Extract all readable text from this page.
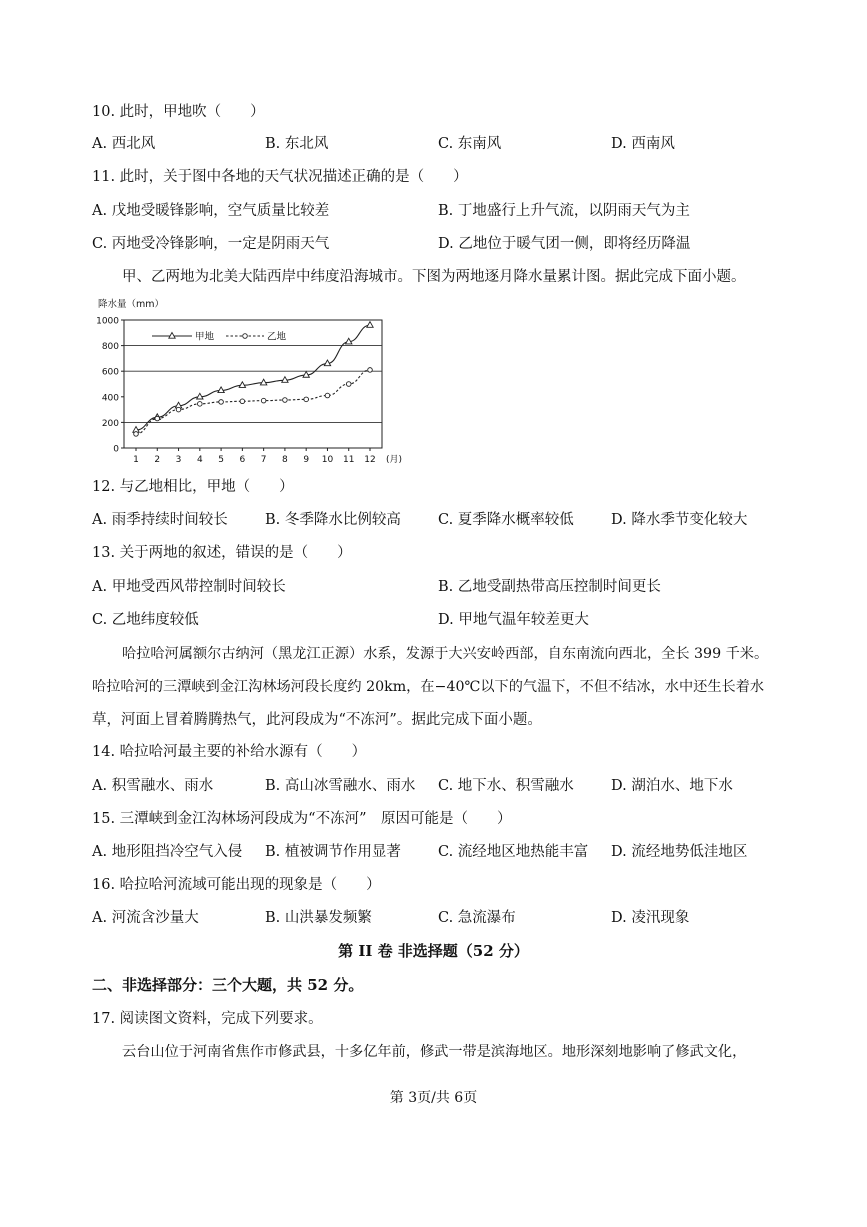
10. 此时，甲地吹（　　）
A. 西北风	B. 东北风	C. 东南风	D. 西南风
11. 此时，关于图中各地的天气状况描述正确的是（　　）
A. 戊地受暖锋影响，空气质量比较差	B. 丁地盛行上升气流，以阴雨天气为主
C. 丙地受冷锋影响，一定是阴雨天气	D. 乙地位于暖气团一侧，即将经历降温
甲、乙两地为北美大陆西岸中纬度沿海城市。下图为两地逐月降水量累计图。据此完成下面小题。
0
200
400
600
800
1000
1 2 3 4 5 6 7 8 9 10 11 12
降水量（mm）
(月)
甲地	乙地
12. 与乙地相比，甲地（　　）
A. 雨季持续时间较长	B. 冬季降水比例较高	C. 夏季降水概率较低	D. 降水季节变化较大
13. 关于两地的叙述，错误的是（　　）
A. 甲地受西风带控制时间较长	B. 乙地受副热带高压控制时间更长
C. 乙地纬度较低	D. 甲地气温年较差更大
哈拉哈河属额尔古纳河（黑龙江正源）水系，发源于大兴安岭西部，自东南流向西北，全长 399 千米。
哈拉哈河的三潭峡到金江沟林场河段长度约 20km，在−40℃以下的气温下，不但不结冰，水中还生长着水
草，河面上冒着腾腾热气，此河段成为“不冻河”。据此完成下面小题。
14. 哈拉哈河最主要的补给水源有（　　）
A. 积雪融水、雨水	B. 高山冰雪融水、雨水 C. 地下水、积雪融水	D. 湖泊水、地下水
15. 三潭峡到金江沟林场河段成为“不冻河”　原因可能是（　　）
A. 地形阻挡冷空气入侵 B. 植被调节作用显著	C. 流经地区地热能丰富 D. 流经地势低洼地区
16. 哈拉哈河流域可能出现的现象是（　　）
A. 河流含沙量大	B. 山洪暴发频繁	C. 急流瀑布	D. 凌汛现象
第 II 卷 非选择题（52 分）
二、非选择部分：三个大题，共 52 分。
17. 阅读图文资料，完成下列要求。
云台山位于河南省焦作市修武县，十多亿年前，修武一带是滨海地区。地形深刻地影响了修武文化，
第 3页/共 6页
